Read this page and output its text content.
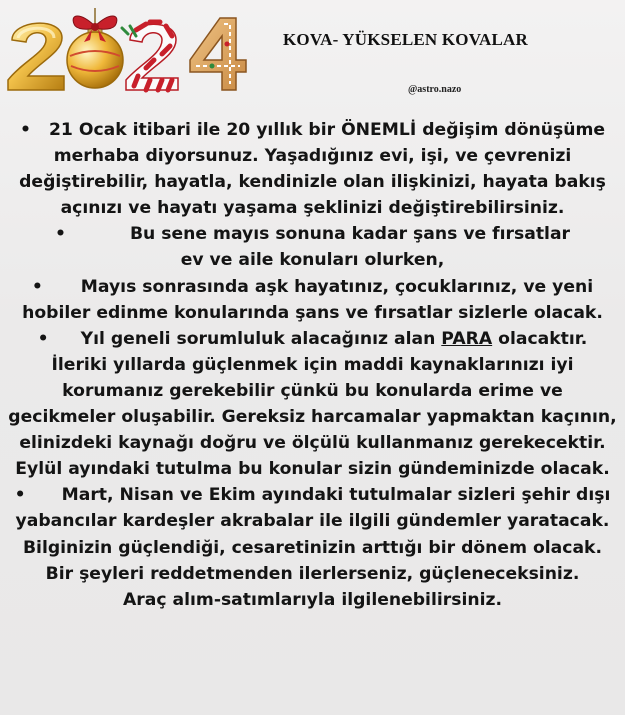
KOVA- YÜKSELEN KOVALAR
@astro.nazo
• 21 Ocak itibari ile 20 yıllık bir ÖNEMLİ değişim dönüşüme
merhaba diyorsunuz. Yaşadığınız evi, işi, ve çevrenizi
değiştirebilir, hayatla, kendinizle olan ilişkinizi, hayata bakış
açınızı ve hayatı yaşama şeklinizi değiştirebilirsiniz.
•	Bu sene mayıs sonuna kadar şans ve fırsatlar
ev ve aile konuları olurken,
• Mayıs sonrasında aşk hayatınız, çocuklarınız, ve yeni
hobiler edinme konularında şans ve fırsatlar sizlerle olacak.
• Yıl geneli sorumluluk alacağınız alan PARA olacaktır.
İleriki yıllarda güçlenmek için maddi kaynaklarınızı iyi
korumanız gerekebilir çünkü bu konularda erime ve
gecikmeler oluşabilir. Gereksiz harcamalar yapmaktan kaçının,
elinizdeki kaynağı doğru ve ölçülü kullanmanız gerekecektir.
Eylül ayındaki tutulma bu konular sizin gündeminizde olacak.
• Mart, Nisan ve Ekim ayındaki tutulmalar sizleri şehir dışı
yabancılar kardeşler akrabalar ile ilgili gündemler yaratacak.
Bilginizin güçlendiği, cesaretinizin arttığı bir dönem olacak.
Bir şeyleri reddetmenden ilerlerseniz, güçleneceksiniz.
Araç alım-satımlarıyla ilgilenebilirsiniz.
